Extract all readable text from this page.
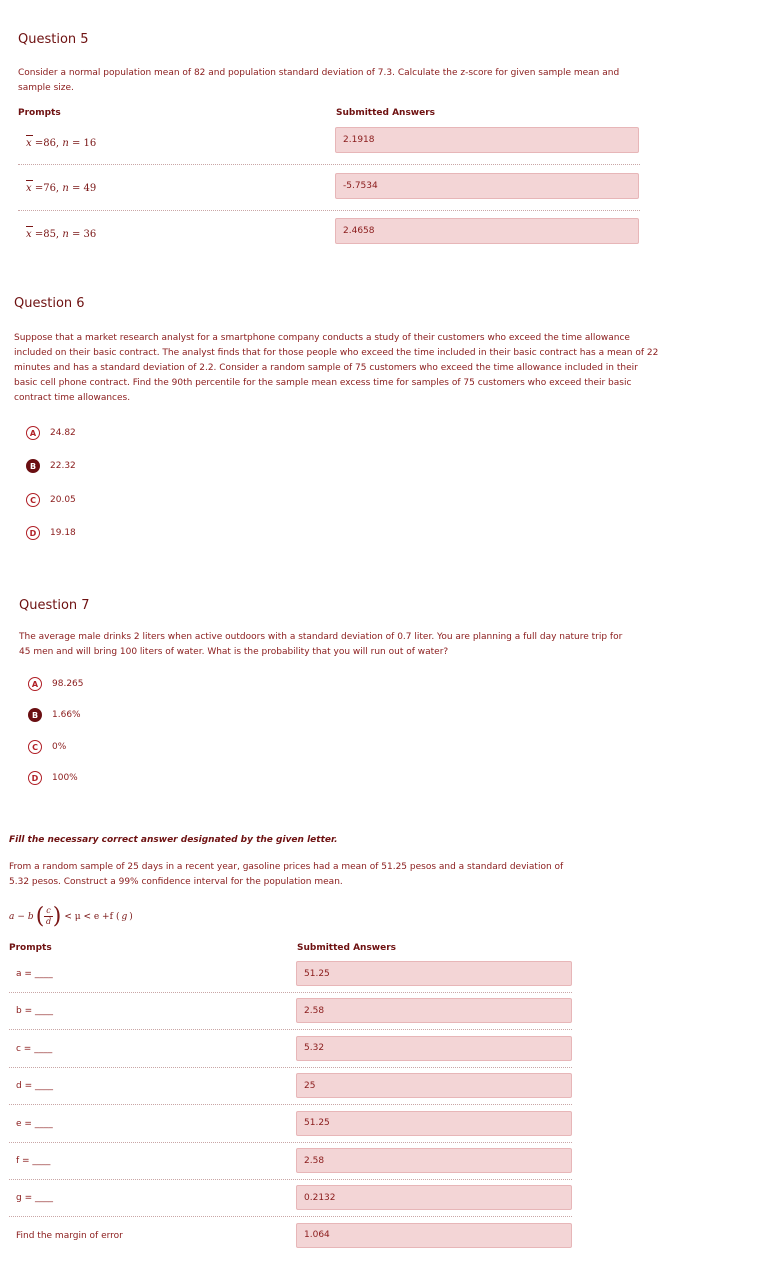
Question 5
Consider a normal population mean of 82 and population standard deviation of 7.3. Calculate the z-score for given sample mean and sample size.
Prompts	Submitted Answers
x =86, n = 16	2.1918
x =76, n = 49	-5.7534
x =85, n = 36	2.4658
Question 6
Suppose that a market research analyst for a smartphone company conducts a study of their customers who exceed the time allowance included on their basic contract. The analyst finds that for those people who exceed the time included in their basic contract has a mean of 22 minutes and has a standard deviation of 2.2. Consider a random sample of 75 customers who exceed the time allowance included in their basic cell phone contract. Find the 90th percentile for the sample mean excess time for samples of 75 customers who exceed their basic contract time allowances.
A	24.82
B	22.32
C	20.05
D	19.18
Question 7
The average male drinks 2 liters when active outdoors with a standard deviation of 0.7 liter. You are planning a full day nature trip for 45 men and will bring 100 liters of water. What is the probability that you will run out of water?
A	98.265
B	1.66%
C	0%
D	100%
Fill the necessary correct answer designated by the given letter.
From a random sample of 25 days in a recent year, gasoline prices had a mean of 51.25 pesos and a standard deviation of 5.32 pesos. Construct a 99% confidence interval for the population mean.
a − b ( $\frac{c}{d}$ ) < μ < e +f ( g )
Prompts	Submitted Answers
a = ____	51.25
b = ____	2.58
c = ____	5.32
d = ____	25
e = ____	51.25
f = ____	2.58
g = ____	0.2132
Find the margin of error	1.064
